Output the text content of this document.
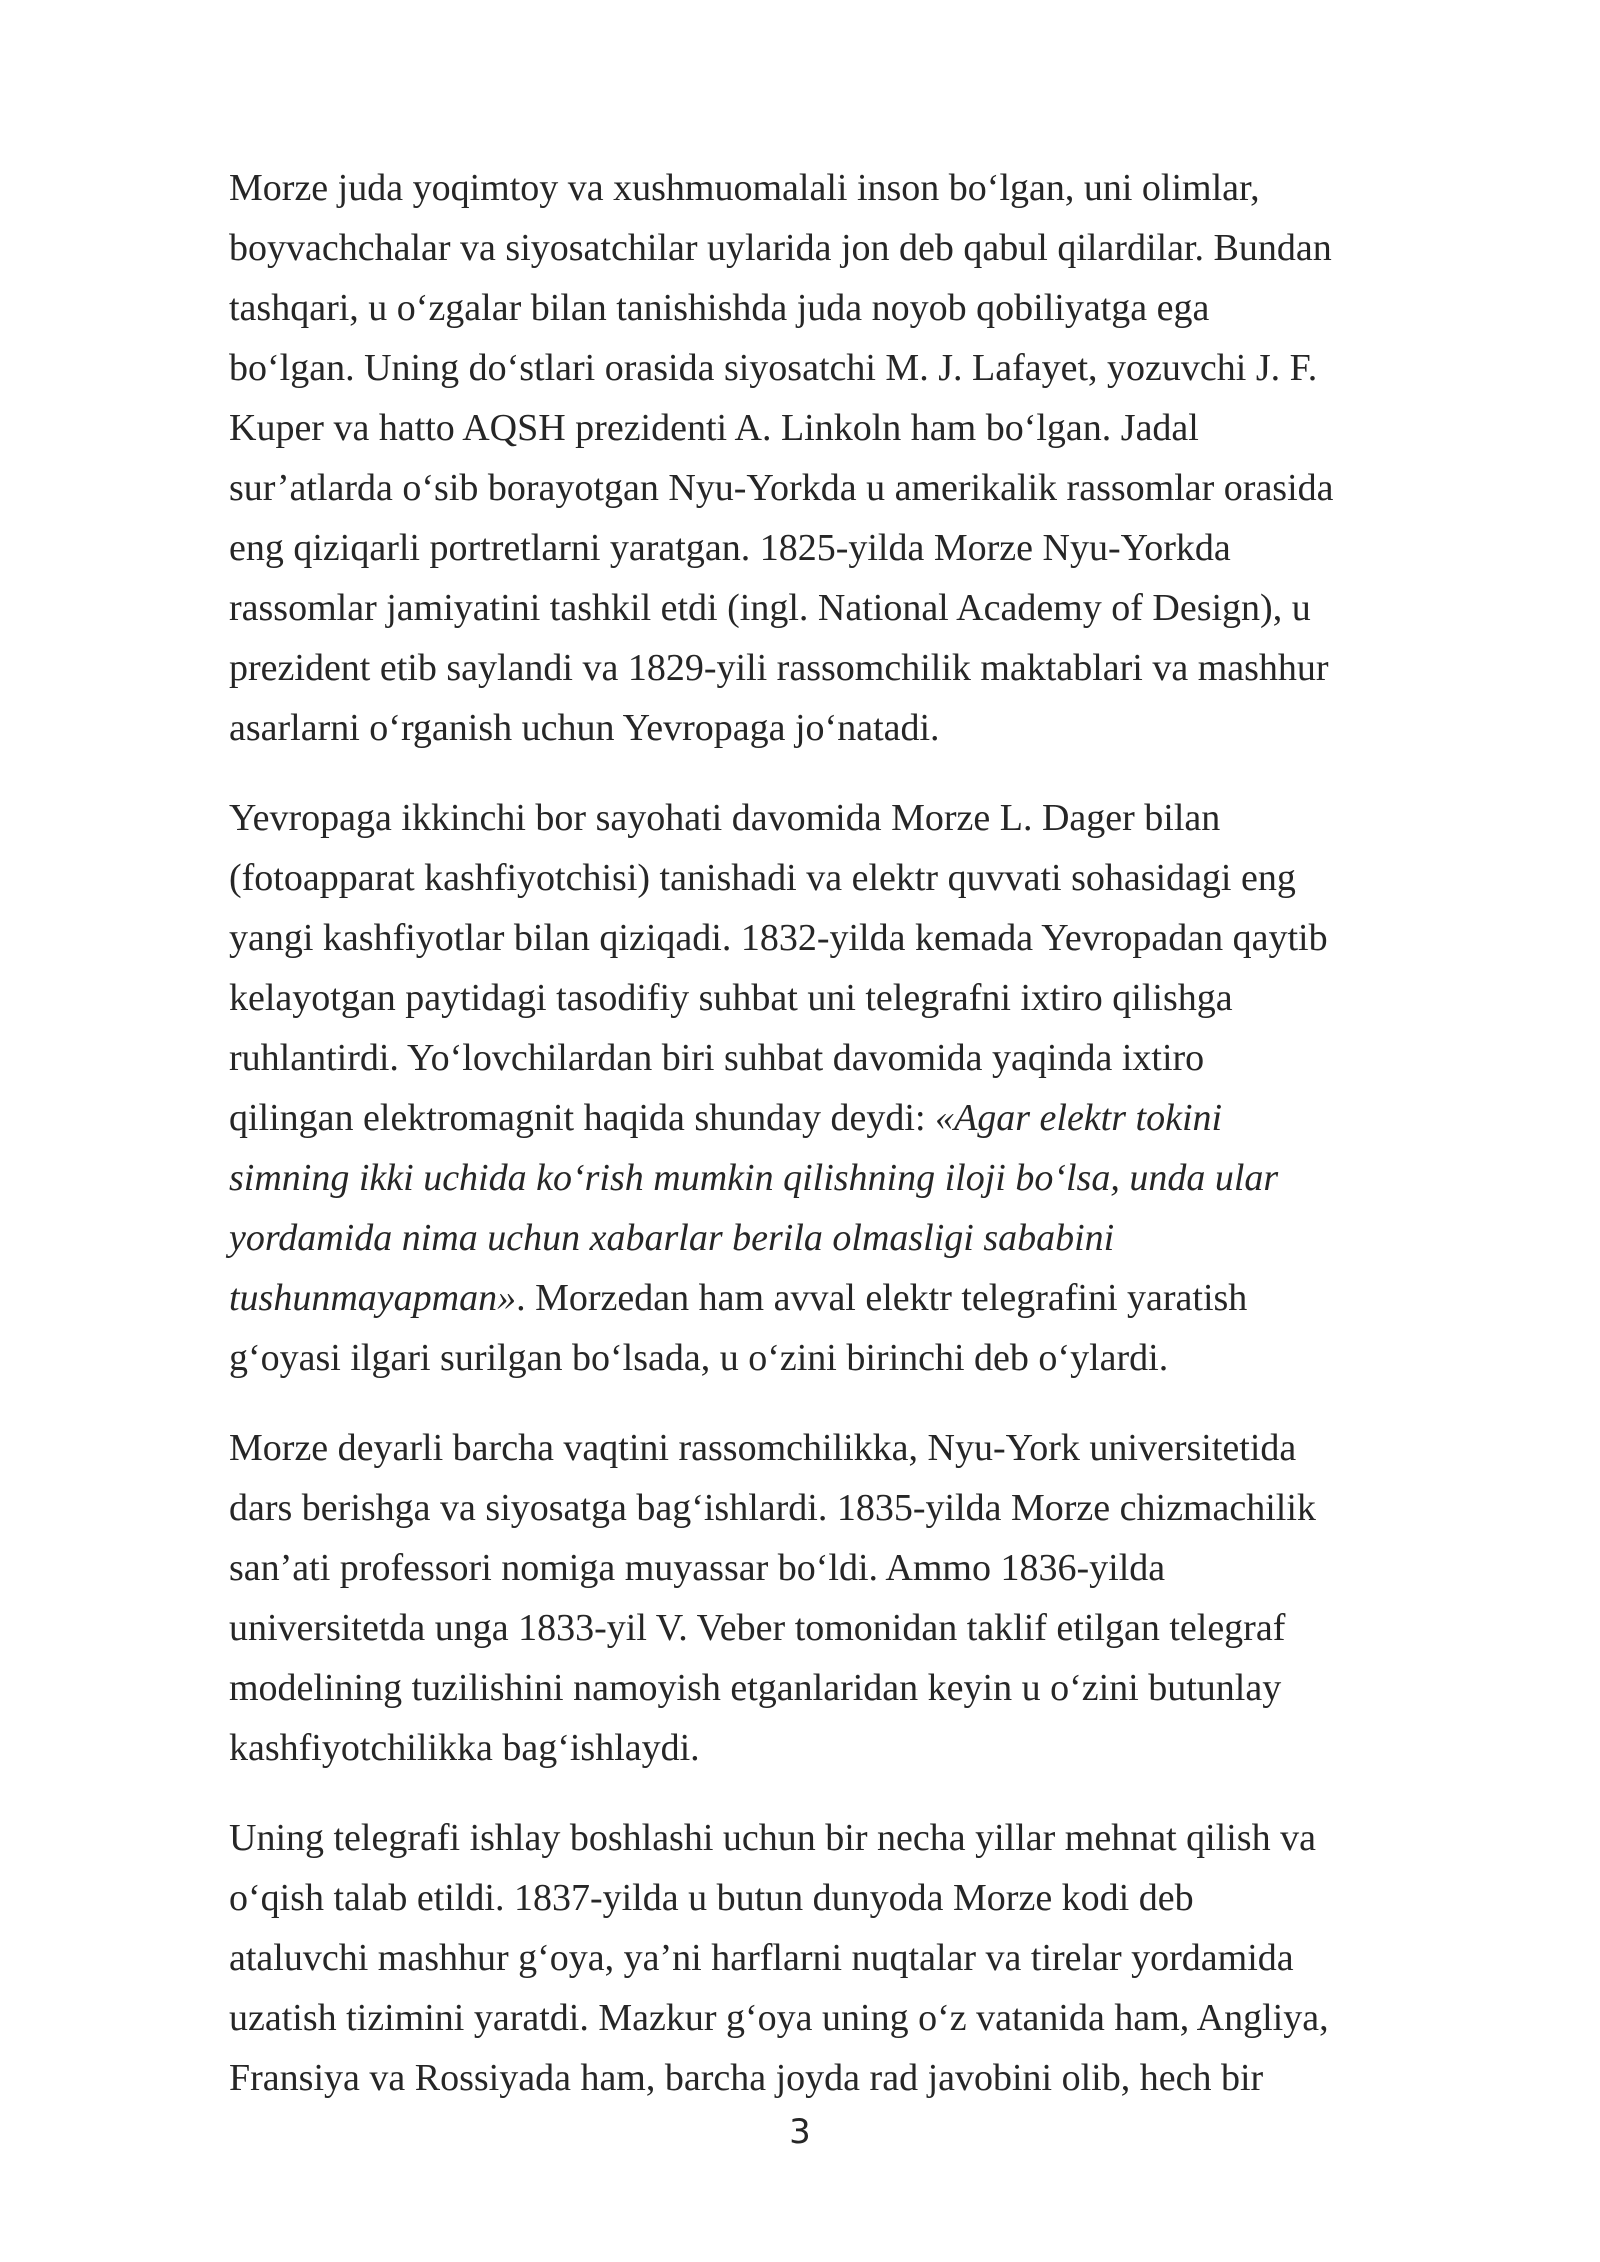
Morze juda yoqimtoy va xushmuomalali inson bo‘lgan, uni olimlar,
boyvachchalar va siyosatchilar uylarida jon deb qabul qilardilar. Bundan
tashqari, u o‘zgalar bilan tanishishda juda noyob qobiliyatga ega
bo‘lgan. Uning do‘stlari orasida siyosatchi M. J. Lafayet, yozuvchi J. F.
Kuper va hatto AQSH prezidenti A. Linkoln ham bo‘lgan. Jadal
sur’atlarda o‘sib borayotgan Nyu-Yorkda u amerikalik rassomlar orasida
eng qiziqarli portretlarni yaratgan. 1825-yilda Morze Nyu-Yorkda
rassomlar jamiyatini tashkil etdi (ingl. National Academy of Design), u
prezident etib saylandi va 1829-yili rassomchilik maktablari va mashhur
asarlarni o‘rganish uchun Yevropaga jo‘natadi.

Yevropaga ikkinchi bor sayohati davomida Morze L. Dager bilan
(fotoapparat kashfiyotchisi) tanishadi va elektr quvvati sohasidagi eng
yangi kashfiyotlar bilan qiziqadi. 1832-yilda kemada Yevropadan qaytib
kelayotgan paytidagi tasodifiy suhbat uni telegrafni ixtiro qilishga
ruhlantirdi. Yo‘lovchilardan biri suhbat davomida yaqinda ixtiro
qilingan elektromagnit haqida shunday deydi: «Agar elektr tokini
simning ikki uchida ko‘rish mumkin qilishning iloji bo‘lsa, unda ular
yordamida nima uchun xabarlar berila olmasligi sababini
tushunmayapman». Morzedan ham avval elektr telegrafini yaratish
g‘oyasi ilgari surilgan bo‘lsada, u o‘zini birinchi deb o‘ylardi.

Morze deyarli barcha vaqtini rassomchilikka, Nyu-York universitetida
dars berishga va siyosatga bag‘ishlardi. 1835-yilda Morze chizmachilik
san’ati professori nomiga muyassar bo‘ldi. Ammo 1836-yilda
universitetda unga 1833-yil V. Veber tomonidan taklif etilgan telegraf
modelining tuzilishini namoyish etganlaridan keyin u o‘zini butunlay
kashfiyotchilikka bag‘ishlaydi.

Uning telegrafi ishlay boshlashi uchun bir necha yillar mehnat qilish va
o‘qish talab etildi. 1837-yilda u butun dunyoda Morze kodi deb
ataluvchi mashhur g‘oya, ya’ni harflarni nuqtalar va tirelar yordamida
uzatish tizimini yaratdi. Mazkur g‘oya uning o‘z vatanida ham, Angliya,
Fransiya va Rossiyada ham, barcha joyda rad javobini olib, hech bir

3
